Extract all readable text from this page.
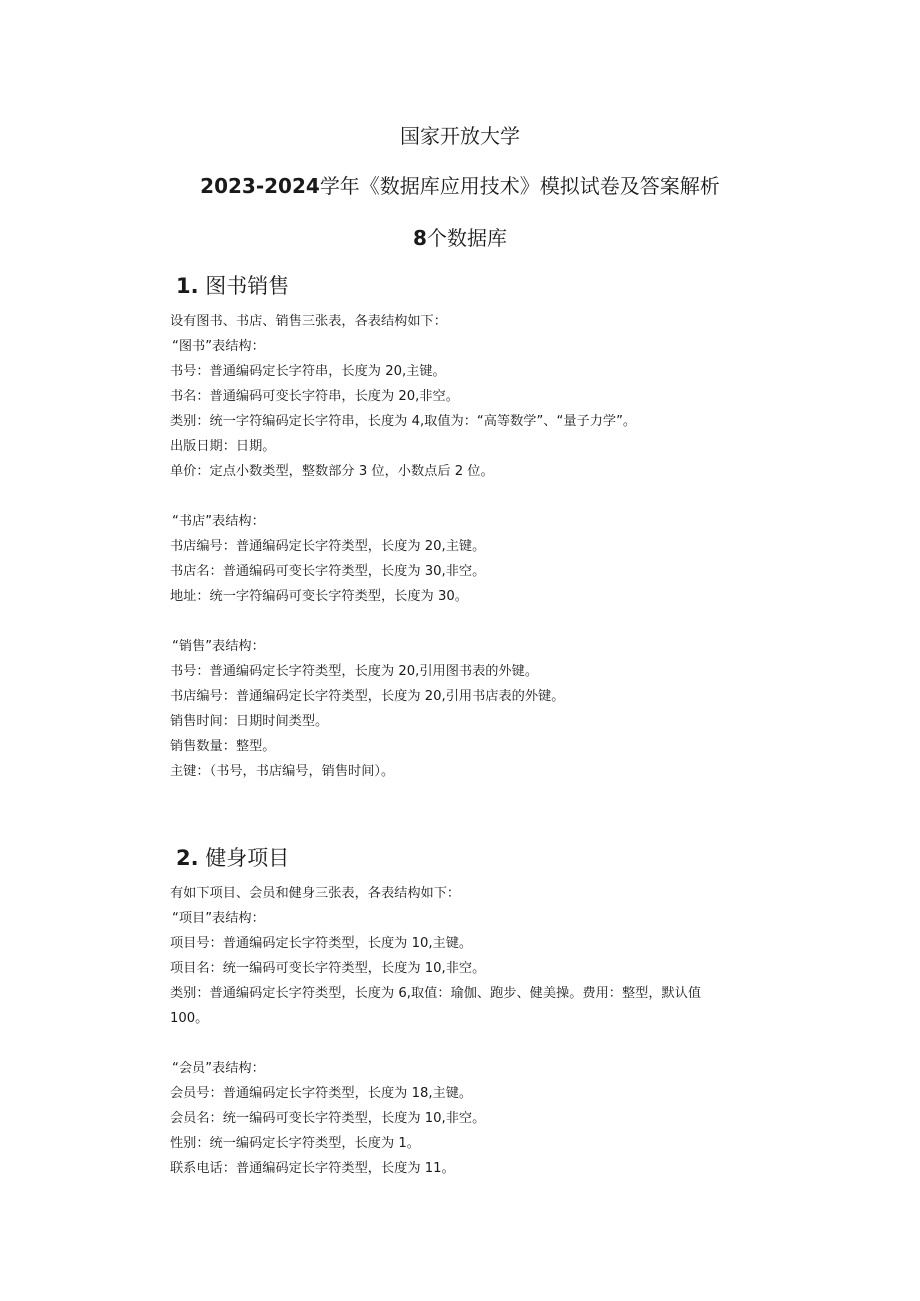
国家开放大学
2023-2024学年《数据库应用技术》模拟试卷及答案解析
8个数据库
1. 图书销售
设有图书、书店、销售三张表，各表结构如下：
“图书”表结构：
书号：普通编码定长字符串，长度为 20,主键。
书名：普通编码可变长字符串，长度为 20,非空。
类别：统一字符编码定长字符串，长度为 4,取值为：“高等数学”、“量子力学”。
出版日期：日期。
单价：定点小数类型，整数部分 3 位，小数点后 2 位。
“书店”表结构：
书店编号：普通编码定长字符类型，长度为 20,主键。
书店名：普通编码可变长字符类型，长度为 30,非空。
地址：统一字符编码可变长字符类型，长度为 30。
“销售”表结构：
书号：普通编码定长字符类型，长度为 20,引用图书表的外键。
书店编号：普通编码定长字符类型，长度为 20,引用书店表的外键。
销售时间：日期时间类型。
销售数量：整型。
主键：（书号，书店编号，销售时间）。
2. 健身项目
有如下项目、会员和健身三张表，各表结构如下：
“项目”表结构：
项目号：普通编码定长字符类型，长度为 10,主键。
项目名：统一编码可变长字符类型，长度为 10,非空。
类别：普通编码定长字符类型，长度为 6,取值：瑜伽、跑步、健美操。费用：整型，默认值
100。
“会员”表结构：
会员号：普通编码定长字符类型，长度为 18,主键。
会员名：统一编码可变长字符类型，长度为 10,非空。
性别：统一编码定长字符类型，长度为 1。
联系电话：普通编码定长字符类型，长度为 11。
